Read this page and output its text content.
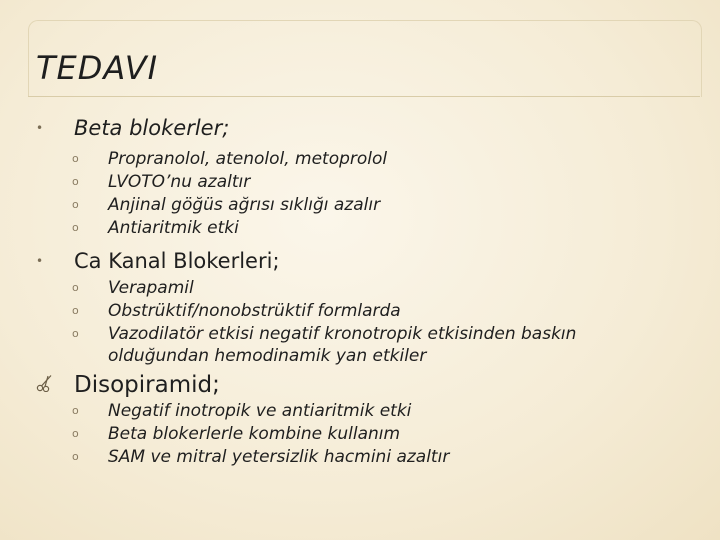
TEDAVI
• Beta blokerler;
o Propranolol, atenolol, metoprolol
o LVOTO’nu azaltır
o Anjinal göğüs ağrısı sıklığı azalır
o Antiaritmik etki
• Ca Kanal Blokerleri;
o Verapamil
o Obstrüktif/nonobstrüktif formlarda
o Vazodilatör etkisi negatif kronotropik etkisinden baskın olduğundan hemodinamik yan etkiler
Disopiramid;
o Negatif inotropik ve antiaritmik etki
o Beta blokerlerle kombine kullanım
o SAM ve mitral yetersizlik hacmini azaltır
